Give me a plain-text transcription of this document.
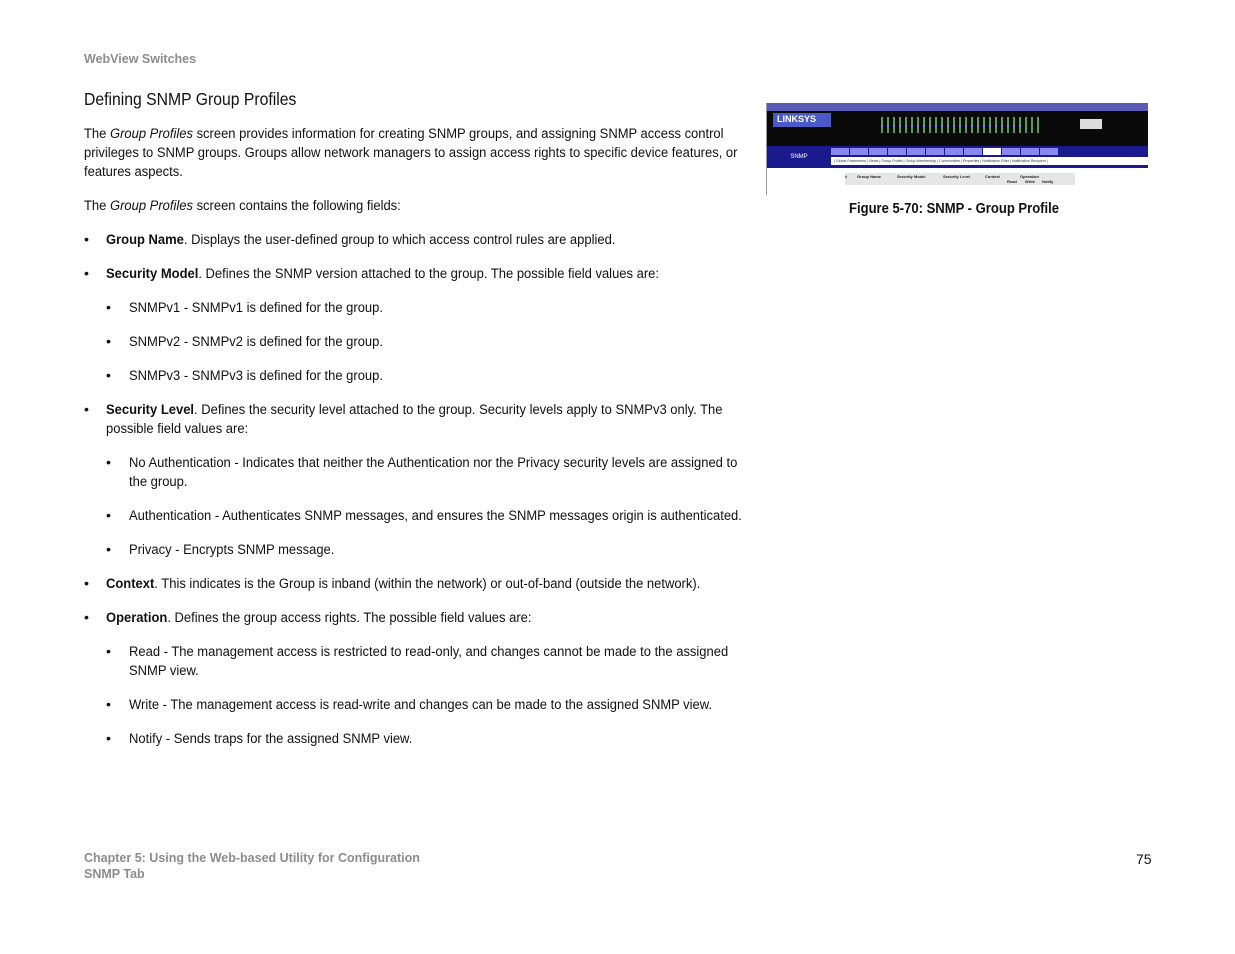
WebView Switches
Defining SNMP Group Profiles

The Group Profiles screen provides information for creating SNMP groups, and assigning SNMP access control privileges to SNMP groups. Groups allow network managers to assign access rights to specific device features, or features aspects.

The Group Profiles screen contains the following fields:

• Group Name. Displays the user-defined group to which access control rules are applied.
• Security Model. Defines the SNMP version attached to the group. The possible field values are:
• SNMPv1 - SNMPv1 is defined for the group.
• SNMPv2 - SNMPv2 is defined for the group.
• SNMPv3 - SNMPv3 is defined for the group.
• Security Level. Defines the security level attached to the group. Security levels apply to SNMPv3 only. The possible field values are:
• No Authentication - Indicates that neither the Authentication nor the Privacy security levels are assigned to the group.
• Authentication - Authenticates SNMP messages, and ensures the SNMP messages origin is authenticated.
• Privacy - Encrypts SNMP message.
• Context. This indicates is the Group is inband (within the network) or out-of-band (outside the network).
• Operation. Defines the group access rights. The possible field values are:
• Read - The management access is restricted to read-only, and changes cannot be made to the assigned SNMP view.
• Write - The management access is read-write and changes can be made to the assigned SNMP view.
• Notify - Sends traps for the assigned SNMP view.
LINKSYS
SNMP
| Global Parameters | Views | Group Profile | Group Membership | Communities | Properties | Notification Filter | Notification Recipient |
# Group Name	Security Model	Security Level	Context	Operation
Read Write Notify
Figure 5-70: SNMP - Group Profile
Chapter 5: Using the Web-based Utility for Configuration
SNMP Tab
75
